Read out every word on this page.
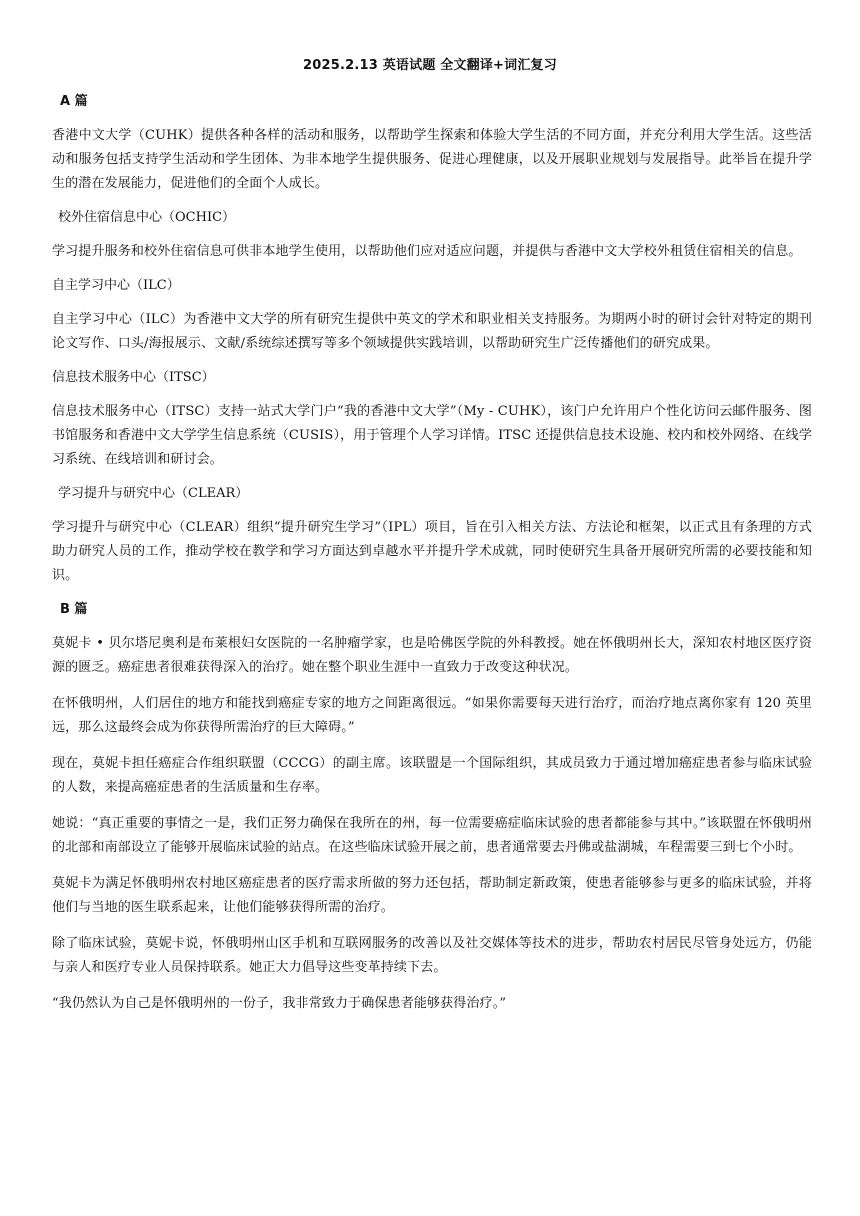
2025.2.13 英语试题 全文翻译+词汇复习
A 篇

香港中文大学（CUHK）提供各种各样的活动和服务，以帮助学生探索和体验大学生活的不同方面，并充分利用大学生活。这些活动和服务包括支持学生活动和学生团体、为非本地学生提供服务、促进心理健康，以及开展职业规划与发展指导。此举旨在提升学生的潜在发展能力，促进他们的全面个人成长。

校外住宿信息中心（OCHIC）

学习提升服务和校外住宿信息可供非本地学生使用，以帮助他们应对适应问题，并提供与香港中文大学校外租赁住宿相关的信息。

自主学习中心（ILC）

自主学习中心（ILC）为香港中文大学的所有研究生提供中英文的学术和职业相关支持服务。为期两小时的研讨会针对特定的期刊论文写作、口头/海报展示、文献/系统综述撰写等多个领域提供实践培训，以帮助研究生广泛传播他们的研究成果。

信息技术服务中心（ITSC）

信息技术服务中心（ITSC）支持一站式大学门户“我的香港中文大学”（My - CUHK），该门户允许用户个性化访问云邮件服务、图书馆服务和香港中文大学学生信息系统（CUSIS），用于管理个人学习详情。ITSC 还提供信息技术设施、校内和校外网络、在线学习系统、在线培训和研讨会。

学习提升与研究中心（CLEAR）

学习提升与研究中心（CLEAR）组织“提升研究生学习”（IPL）项目，旨在引入相关方法、方法论和框架，以正式且有条理的方式助力研究人员的工作，推动学校在教学和学习方面达到卓越水平并提升学术成就，同时使研究生具备开展研究所需的必要技能和知识。

B 篇

莫妮卡 • 贝尔塔尼奥利是布莱根妇女医院的一名肿瘤学家，也是哈佛医学院的外科教授。她在怀俄明州长大，深知农村地区医疗资源的匮乏。癌症患者很难获得深入的治疗。她在整个职业生涯中一直致力于改变这种状况。

在怀俄明州，人们居住的地方和能找到癌症专家的地方之间距离很远。“如果你需要每天进行治疗，而治疗地点离你家有 120 英里远，那么这最终会成为你获得所需治疗的巨大障碍。”

现在，莫妮卡担任癌症合作组织联盟（CCCG）的副主席。该联盟是一个国际组织，其成员致力于通过增加癌症患者参与临床试验的人数，来提高癌症患者的生活质量和生存率。

她说：“真正重要的事情之一是，我们正努力确保在我所在的州，每一位需要癌症临床试验的患者都能参与其中。”该联盟在怀俄明州的北部和南部设立了能够开展临床试验的站点。在这些临床试验开展之前，患者通常要去丹佛或盐湖城，车程需要三到七个小时。

莫妮卡为满足怀俄明州农村地区癌症患者的医疗需求所做的努力还包括，帮助制定新政策，使患者能够参与更多的临床试验，并将他们与当地的医生联系起来，让他们能够获得所需的治疗。

除了临床试验，莫妮卡说，怀俄明州山区手机和互联网服务的改善以及社交媒体等技术的进步，帮助农村居民尽管身处远方，仍能与亲人和医疗专业人员保持联系。她正大力倡导这些变革持续下去。

“我仍然认为自己是怀俄明州的一份子，我非常致力于确保患者能够获得治疗。”
